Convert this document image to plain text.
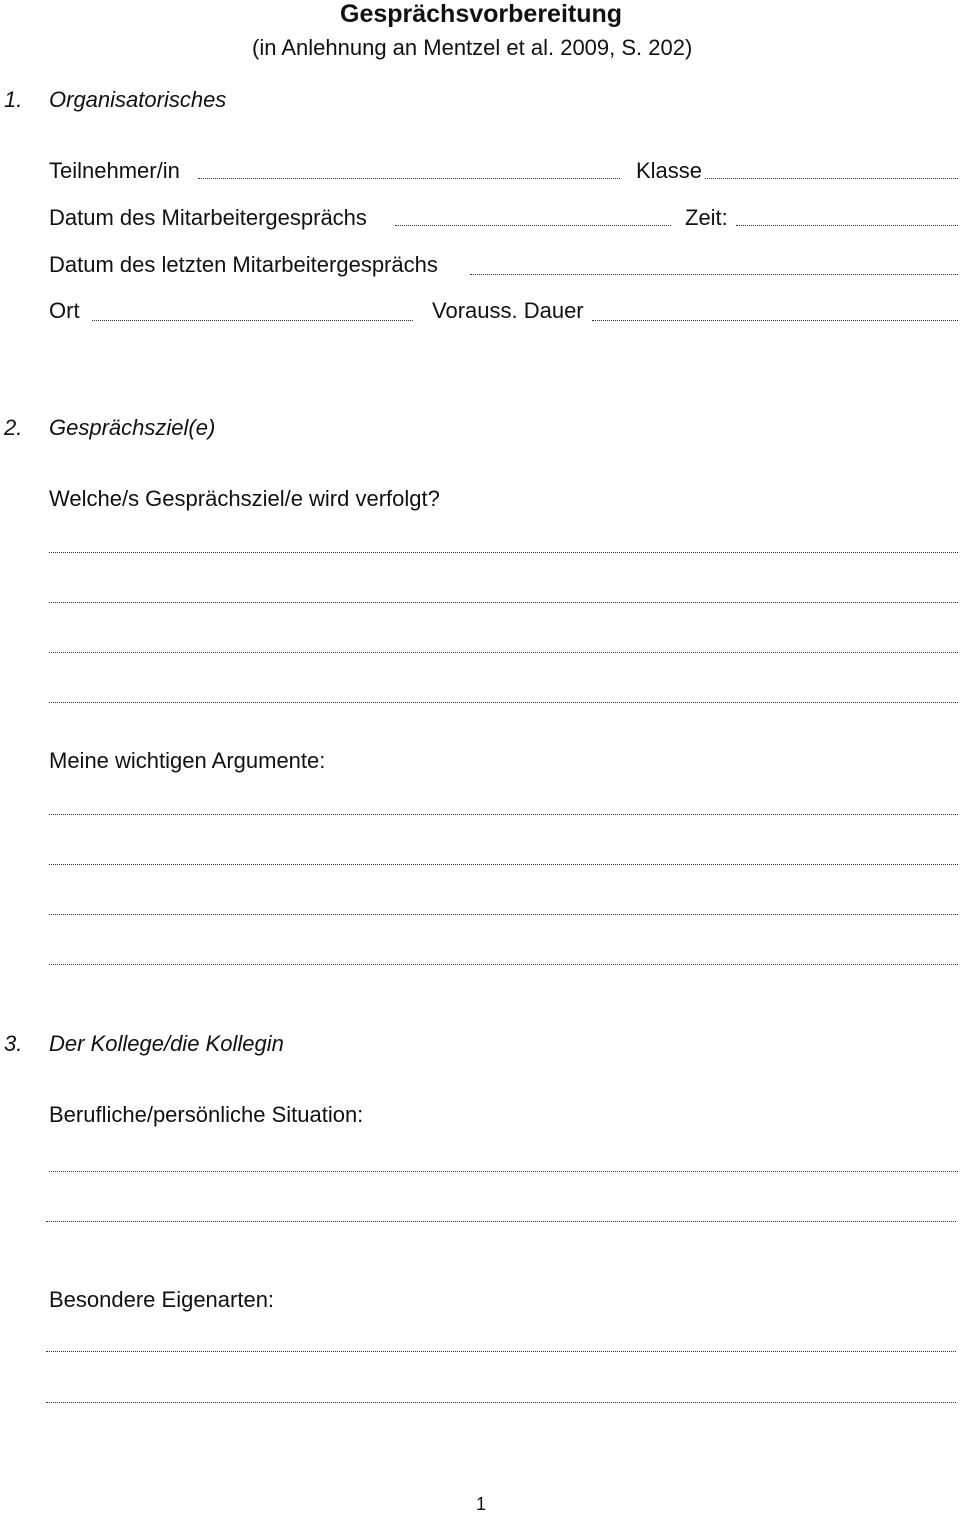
Gesprächsvorbereitung
(in Anlehnung an Mentzel et al. 2009, S. 202)
1. Organisatorisches
Teilnehmer/in	Klasse
Datum des Mitarbeitergesprächs	Zeit:
Datum des letzten Mitarbeitergesprächs
Ort	Vorauss. Dauer
2. Gesprächsziel(e)
Welche/s Gesprächsziel/e wird verfolgt?
Meine wichtigen Argumente:
3. Der Kollege/die Kollegin
Berufliche/persönliche Situation:
Besondere Eigenarten:
1
